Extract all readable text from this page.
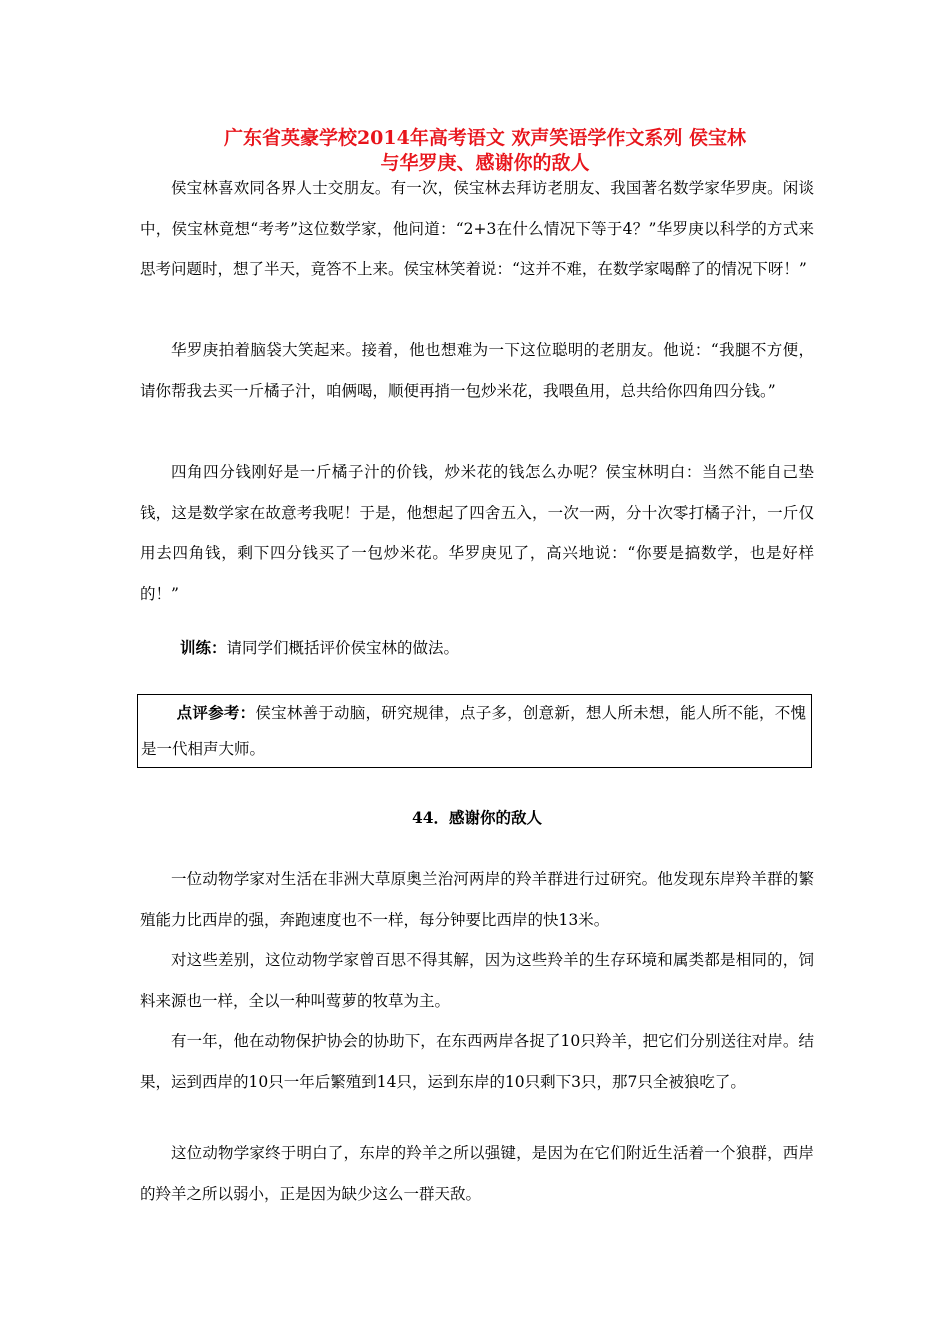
广东省英豪学校2014年高考语文 欢声笑语学作文系列 侯宝林
与华罗庚、感谢你的敌人

侯宝林喜欢同各界人士交朋友。有一次，侯宝林去拜访老朋友、我国著名数学家华罗庚。闲谈中，侯宝林竟想“考考”这位数学家，他问道：“2+3在什么情况下等于4？”华罗庚以科学的方式来思考问题时，想了半天，竟答不上来。侯宝林笑着说：“这并不难，在数学家喝醉了的情况下呀！”

华罗庚拍着脑袋大笑起来。接着，他也想难为一下这位聪明的老朋友。他说：“我腿不方便，请你帮我去买一斤橘子汁，咱俩喝，顺便再捎一包炒米花，我喂鱼用，总共给你四角四分钱。”

四角四分钱刚好是一斤橘子汁的价钱，炒米花的钱怎么办呢？侯宝林明白：当然不能自己垫钱，这是数学家在故意考我呢！于是，他想起了四舍五入，一次一两，分十次零打橘子汁，一斤仅用去四角钱，剩下四分钱买了一包炒米花。华罗庚见了，高兴地说：“你要是搞数学，也是好样的！”

训练：请同学们概括评价侯宝林的做法。

点评参考：侯宝林善于动脑，研究规律，点子多，创意新，想人所未想，能人所不能，不愧是一代相声大师。

44．感谢你的敌人

一位动物学家对生活在非洲大草原奥兰治河两岸的羚羊群进行过研究。他发现东岸羚羊群的繁殖能力比西岸的强，奔跑速度也不一样，每分钟要比西岸的快13米。

对这些差别，这位动物学家曾百思不得其解，因为这些羚羊的生存环境和属类都是相同的，饲料来源也一样，全以一种叫莺萝的牧草为主。

有一年，他在动物保护协会的协助下，在东西两岸各捉了10只羚羊，把它们分别送往对岸。结果，运到西岸的10只一年后繁殖到14只，运到东岸的10只剩下3只，那7只全被狼吃了。

这位动物学家终于明白了，东岸的羚羊之所以强键，是因为在它们附近生活着一个狼群，西岸的羚羊之所以弱小，正是因为缺少这么一群天敌。
